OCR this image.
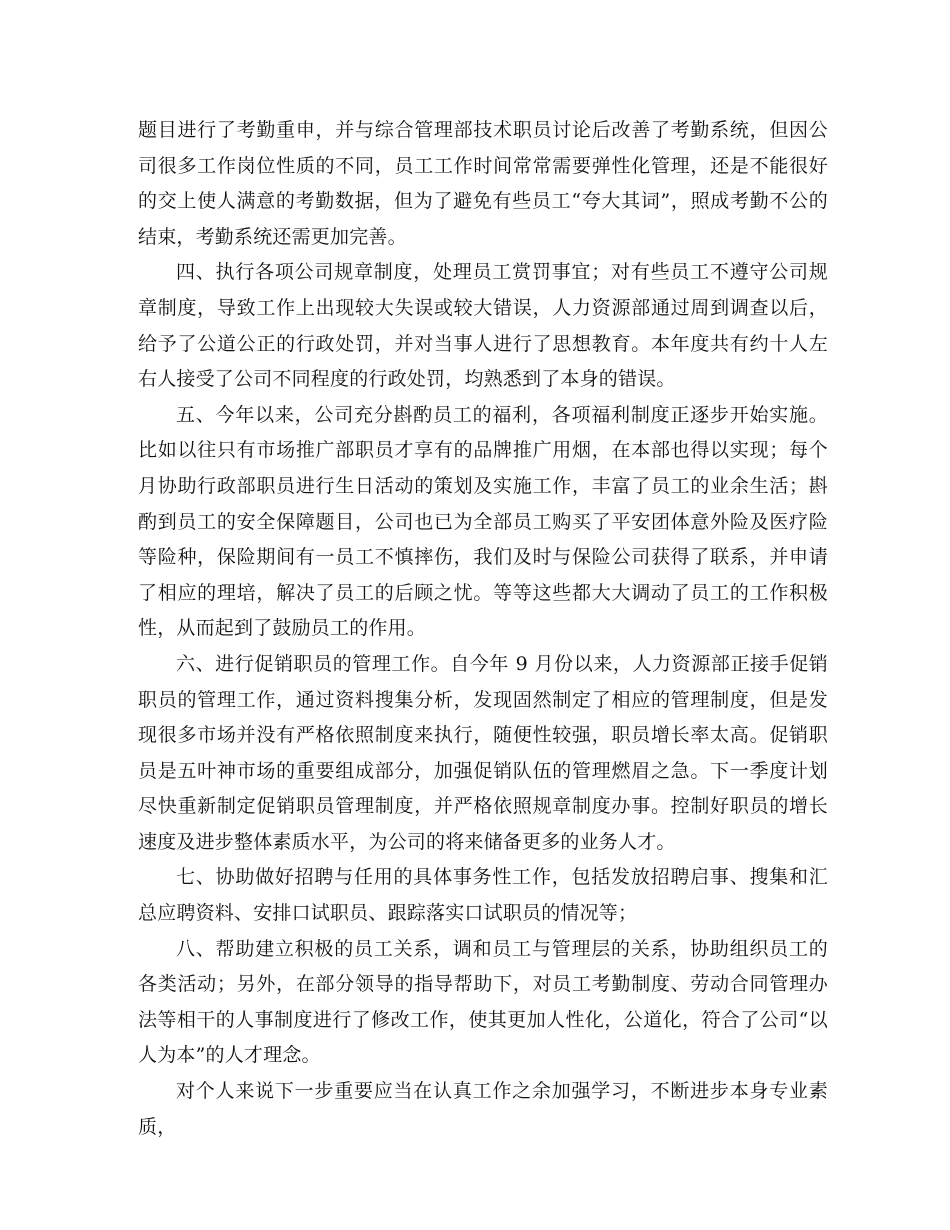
题目进行了考勤重申，并与综合管理部技术职员讨论后改善了考勤系统，但因公司很多工作岗位性质的不同，员工工作时间常常需要弹性化管理，还是不能很好的交上使人满意的考勤数据，但为了避免有些员工“夸大其词”，照成考勤不公的结束，考勤系统还需更加完善。

四、执行各项公司规章制度，处理员工赏罚事宜；对有些员工不遵守公司规章制度，导致工作上出现较大失误或较大错误，人力资源部通过周到调查以后，给予了公道公正的行政处罚，并对当事人进行了思想教育。本年度共有约十人左右人接受了公司不同程度的行政处罚，均熟悉到了本身的错误。

五、今年以来，公司充分斟酌员工的福利，各项福利制度正逐步开始实施。比如以往只有市场推广部职员才享有的品牌推广用烟，在本部也得以实现；每个月协助行政部职员进行生日活动的策划及实施工作，丰富了员工的业余生活；斟酌到员工的安全保障题目，公司也已为全部员工购买了平安团体意外险及医疗险等险种，保险期间有一员工不慎摔伤，我们及时与保险公司获得了联系，并申请了相应的理培，解决了员工的后顾之忧。等等这些都大大调动了员工的工作积极性，从而起到了鼓励员工的作用。

六、进行促销职员的管理工作。自今年 9 月份以来，人力资源部正接手促销职员的管理工作，通过资料搜集分析，发现固然制定了相应的管理制度，但是发现很多市场并没有严格依照制度来执行，随便性较强，职员增长率太高。促销职员是五叶神市场的重要组成部分，加强促销队伍的管理燃眉之急。下一季度计划尽快重新制定促销职员管理制度，并严格依照规章制度办事。控制好职员的增长速度及进步整体素质水平，为公司的将来储备更多的业务人才。

七、协助做好招聘与任用的具体事务性工作，包括发放招聘启事、搜集和汇总应聘资料、安排口试职员、跟踪落实口试职员的情况等；

八、帮助建立积极的员工关系，调和员工与管理层的关系，协助组织员工的各类活动；另外，在部分领导的指导帮助下，对员工考勤制度、劳动合同管理办法等相干的人事制度进行了修改工作，使其更加人性化，公道化，符合了公司“以人为本”的人才理念。

对个人来说下一步重要应当在认真工作之余加强学习，不断进步本身专业素质，
